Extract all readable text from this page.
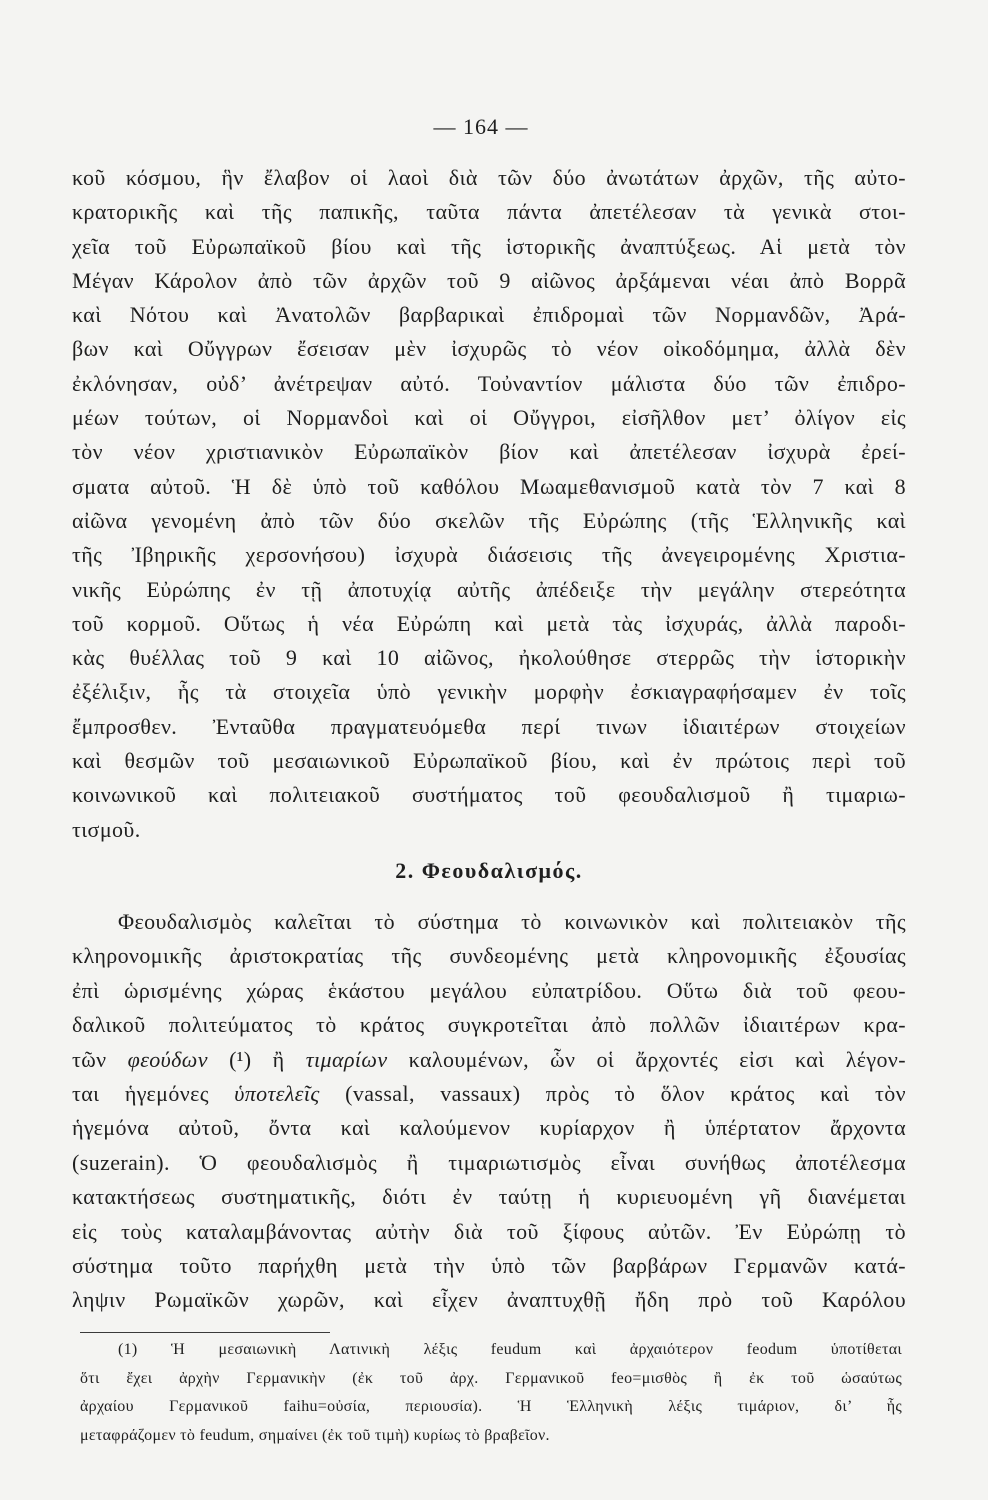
— 164 —
κοῦ κόσμου, ἣν ἔλαβον οἱ λαοὶ διὰ τῶν δύο ἀνωτάτων ἀρχῶν, τῆς αὐτο-
κρατορικῆς καὶ τῆς παπικῆς, ταῦτα πάντα ἀπετέλεσαν τὰ γενικὰ στοι-
χεῖα τοῦ Εὐρωπαϊκοῦ βίου καὶ τῆς ἱστορικῆς ἀναπτύξεως. Αἱ μετὰ τὸν
Μέγαν Κάρολον ἀπὸ τῶν ἀρχῶν τοῦ 9 αἰῶνος ἀρξάμεναι νέαι ἀπὸ Βορρᾶ
καὶ Νότου καὶ Ἀνατολῶν βαρβαρικαὶ ἐπιδρομαὶ τῶν Νορμανδῶν, Ἀρά-
βων καὶ Οὔγγρων ἔσεισαν μὲν ἰσχυρῶς τὸ νέον οἰκοδόμημα, ἀλλὰ δὲν
ἐκλόνησαν, οὐδ’ ἀνέτρεψαν αὐτό. Τοὐναντίον μάλιστα δύο τῶν ἐπιδρο-
μέων τούτων, οἱ Νορμανδοὶ καὶ οἱ Οὔγγροι, εἰσῆλθον μετ’ ὀλίγον εἰς
τὸν νέον χριστιανικὸν Εὐρωπαϊκὸν βίον καὶ ἀπετέλεσαν ἰσχυρὰ ἐρεί-
σματα αὐτοῦ. Ἡ δὲ ὑπὸ τοῦ καθόλου Μωαμεθανισμοῦ κατὰ τὸν 7 καὶ 8
αἰῶνα γενομένη ἀπὸ τῶν δύο σκελῶν τῆς Εὐρώπης (τῆς Ἑλληνικῆς καὶ
τῆς Ἰβηρικῆς χερσονήσου) ἰσχυρὰ διάσεισις τῆς ἀνεγειρομένης Χριστια-
νικῆς Εὐρώπης ἐν τῇ ἀποτυχίᾳ αὐτῆς ἀπέδειξε τὴν μεγάλην στερεότητα
τοῦ κορμοῦ. Οὕτως ἡ νέα Εὐρώπη καὶ μετὰ τὰς ἰσχυράς, ἀλλὰ παροδι-
κὰς θυέλλας τοῦ 9 καὶ 10 αἰῶνος, ἠκολούθησε στερρῶς τὴν ἱστορικὴν
ἐξέλιξιν, ἧς τὰ στοιχεῖα ὑπὸ γενικὴν μορφὴν ἐσκιαγραφήσαμεν ἐν τοῖς
ἔμπροσθεν. Ἐνταῦθα πραγματευόμεθα περί τινων ἰδιαιτέρων στοιχείων
καὶ θεσμῶν τοῦ μεσαιωνικοῦ Εὐρωπαϊκοῦ βίου, καὶ ἐν πρώτοις περὶ τοῦ
κοινωνικοῦ καὶ πολιτειακοῦ συστήματος τοῦ φεουδαλισμοῦ ἢ τιμαριω-
τισμοῦ.
2. Φεουδαλισμός.
Φεουδαλισμὸς καλεῖται τὸ σύστημα τὸ κοινωνικὸν καὶ πολιτειακὸν τῆς
κληρονομικῆς ἀριστοκρατίας τῆς συνδεομένης μετὰ κληρονομικῆς ἐξουσίας
ἐπὶ ὡρισμένης χώρας ἑκάστου μεγάλου εὐπατρίδου. Οὕτω διὰ τοῦ φεου-
δαλικοῦ πολιτεύματος τὸ κράτος συγκροτεῖται ἀπὸ πολλῶν ἰδιαιτέρων κρα-
τῶν φεούδων (¹) ἢ τιμαρίων καλουμένων, ὧν οἱ ἄρχοντές εἰσι καὶ λέγον-
ται ἡγεμόνες ὑποτελεῖς (vassal, vassaux) πρὸς τὸ ὅλον κράτος καὶ τὸν
ἡγεμόνα αὐτοῦ, ὄντα καὶ καλούμενον κυρίαρχον ἢ ὑπέρτατον ἄρχοντα
(suzerain). Ὁ φεουδαλισμὸς ἢ τιμαριωτισμὸς εἶναι συνήθως ἀποτέλεσμα
κατακτήσεως συστηματικῆς, διότι ἐν ταύτῃ ἡ κυριευομένη γῆ διανέμεται
εἰς τοὺς καταλαμβάνοντας αὐτὴν διὰ τοῦ ξίφους αὐτῶν. Ἐν Εὐρώπῃ τὸ
σύστημα τοῦτο παρήχθη μετὰ τὴν ὑπὸ τῶν βαρβάρων Γερμανῶν κατά-
ληψιν Ρωμαϊκῶν χωρῶν, καὶ εἶχεν ἀναπτυχθῇ ἤδη πρὸ τοῦ Καρόλου
(1) Ἡ μεσαιωνικὴ Λατινικὴ λέξις feudum καὶ ἀρχαιότερον feodum ὑποτίθεται
ὅτι ἔχει ἀρχὴν Γερμανικὴν (ἐκ τοῦ ἀρχ. Γερμανικοῦ feo=μισθὸς ἢ ἐκ τοῦ ὡσαύτως
ἀρχαίου Γερμανικοῦ faihu=οὐσία, περιουσία). Ἡ Ἑλληνικὴ λέξις τιμάριον, δι’ ἧς
μεταφράζομεν τὸ feudum, σημαίνει (ἐκ τοῦ τιμὴ) κυρίως τὸ βραβεῖον.
